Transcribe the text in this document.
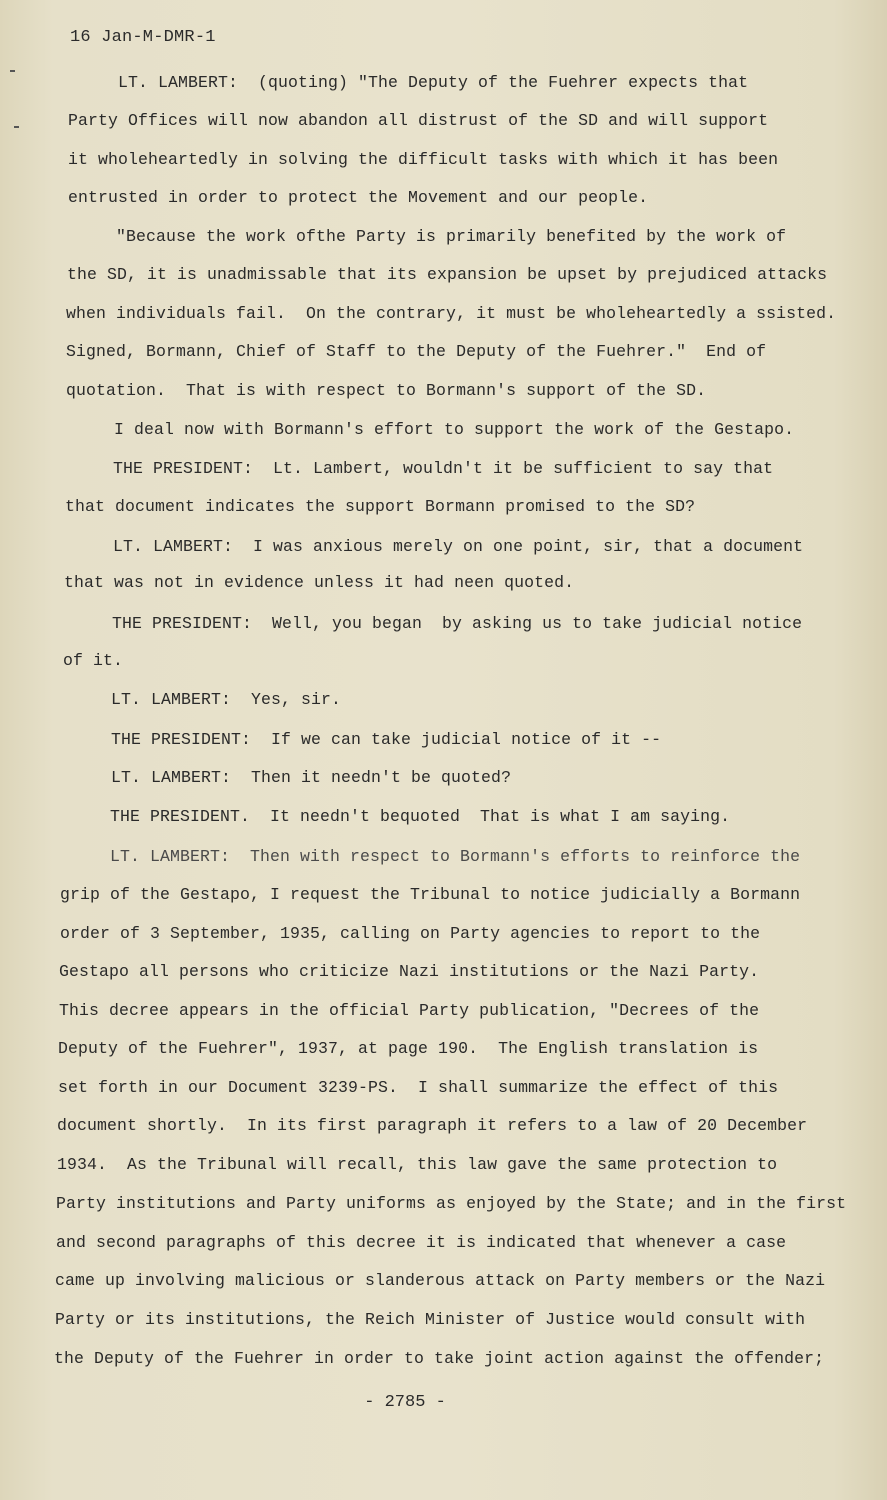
16 Jan-M-DMR-1
LT. LAMBERT:  (quoting) "The Deputy of the Fuehrer expects that
Party Offices will now abandon all distrust of the SD and will support
it wholeheartedly in solving the difficult tasks with which it has been
entrusted in order to protect the Movement and our people.
"Because the work ofthe Party is primarily benefited by the work of
the SD, it is unadmissable that its expansion be upset by prejudiced attacks
when individuals fail.  On the contrary, it must be wholeheartedly a ssisted.
Signed, Bormann, Chief of Staff to the Deputy of the Fuehrer."  End of
quotation.  That is with respect to Bormann's support of the SD.
I deal now with Bormann's effort to support the work of the Gestapo.
THE PRESIDENT:  Lt. Lambert, wouldn't it be sufficient to say that
that document indicates the support Bormann promised to the SD?
LT. LAMBERT:  I was anxious merely on one point, sir, that a document
that was not in evidence unless it had neen quoted.
THE PRESIDENT:  Well, you began  by asking us to take judicial notice
of it.
LT. LAMBERT:  Yes, sir.
THE PRESIDENT:  If we can take judicial notice of it --
LT. LAMBERT:  Then it needn't be quoted?
THE PRESIDENT.  It needn't bequoted  That is what I am saying.
LT. LAMBERT:  Then with respect to Bormann's efforts to reinforce the
grip of the Gestapo, I request the Tribunal to notice judicially a Bormann
order of 3 September, 1935, calling on Party agencies to report to the
Gestapo all persons who criticize Nazi institutions or the Nazi Party.
This decree appears in the official Party publication, "Decrees of the
Deputy of the Fuehrer", 1937, at page 190.  The English translation is
set forth in our Document 3239-PS.  I shall summarize the effect of this
document shortly.  In its first paragraph it refers to a law of 20 December
1934.  As the Tribunal will recall, this law gave the same protection to
Party institutions and Party uniforms as enjoyed by the State; and in the first
and second paragraphs of this decree it is indicated that whenever a case
came up involving malicious or slanderous attack on Party members or the Nazi
Party or its institutions, the Reich Minister of Justice would consult with
the Deputy of the Fuehrer in order to take joint action against the offender;
- 2785 -
